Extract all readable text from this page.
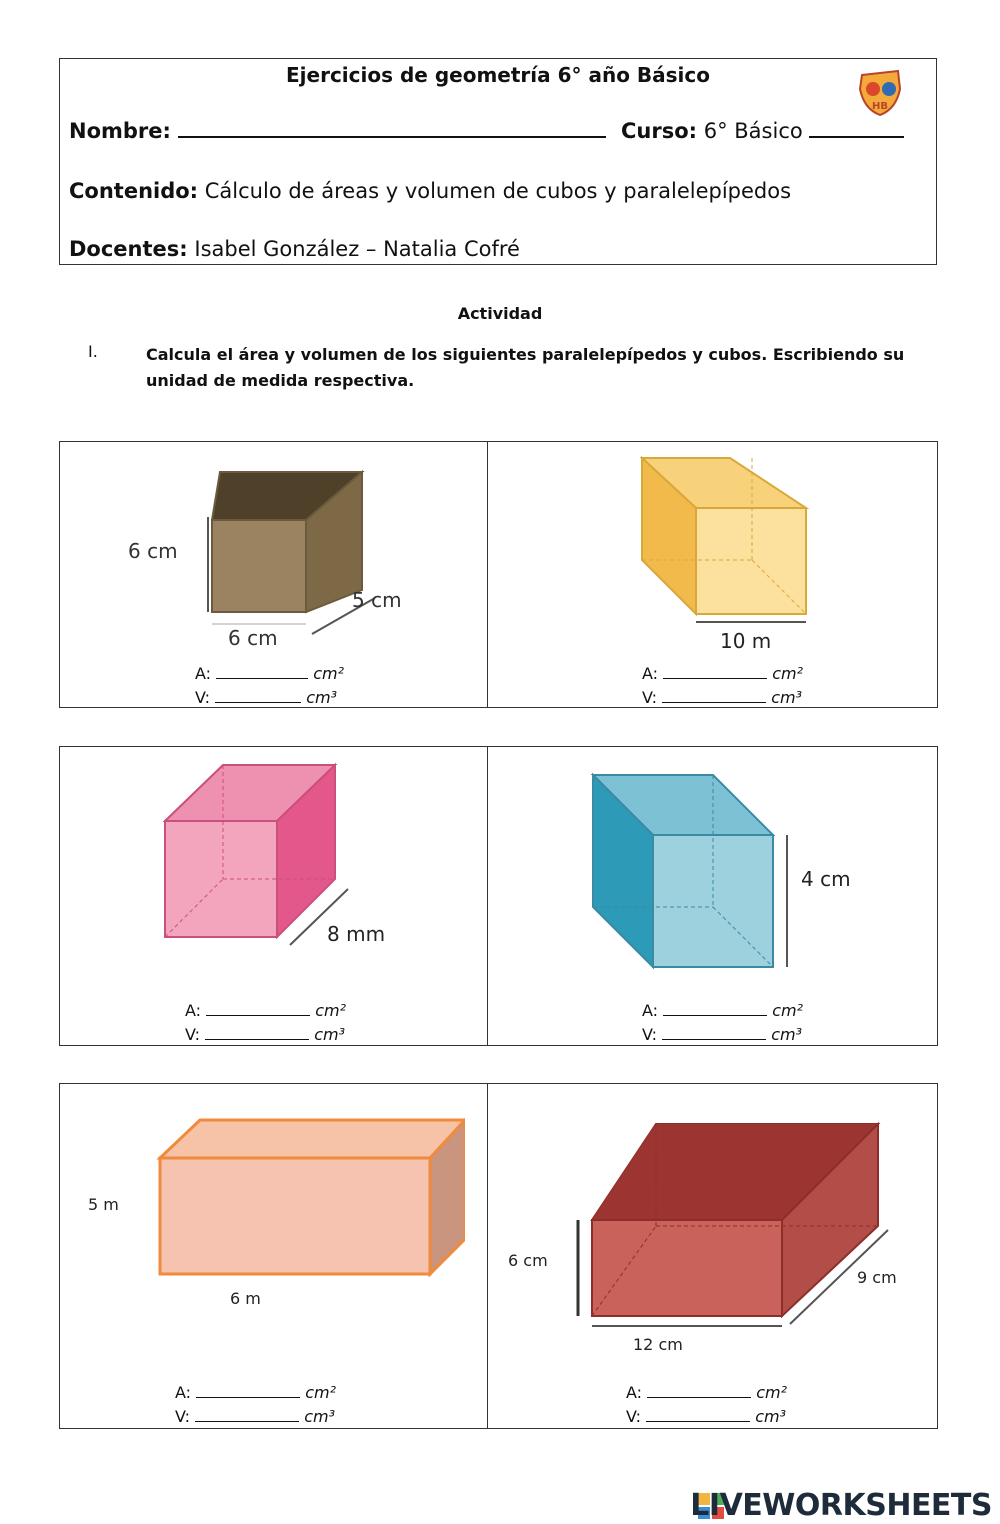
Ejercicios de geometría 6° año Básico
HB
Nombre:	Curso: 6° Básico
Contenido: Cálculo de áreas y volumen de cubos y paralelepípedos
Docentes: Isabel González – Natalia Cofré
Actividad
I.	Calcula el área y volumen de los siguientes paralelepípedos y cubos. Escribiendo su unidad de medida respectiva.
6 cm
5 cm
6 cm
A:	cm²
V:	cm³
10 m
A:	cm²
V:	cm³
8 mm
A:	cm²
V:	cm³
4 cm
A:	cm²
V:	cm³
5 m
6 m
A:	cm²
V:	cm³
6 cm
9 cm
12 cm
A:	cm²
V:	cm³
LIVEWORKSHEETS
